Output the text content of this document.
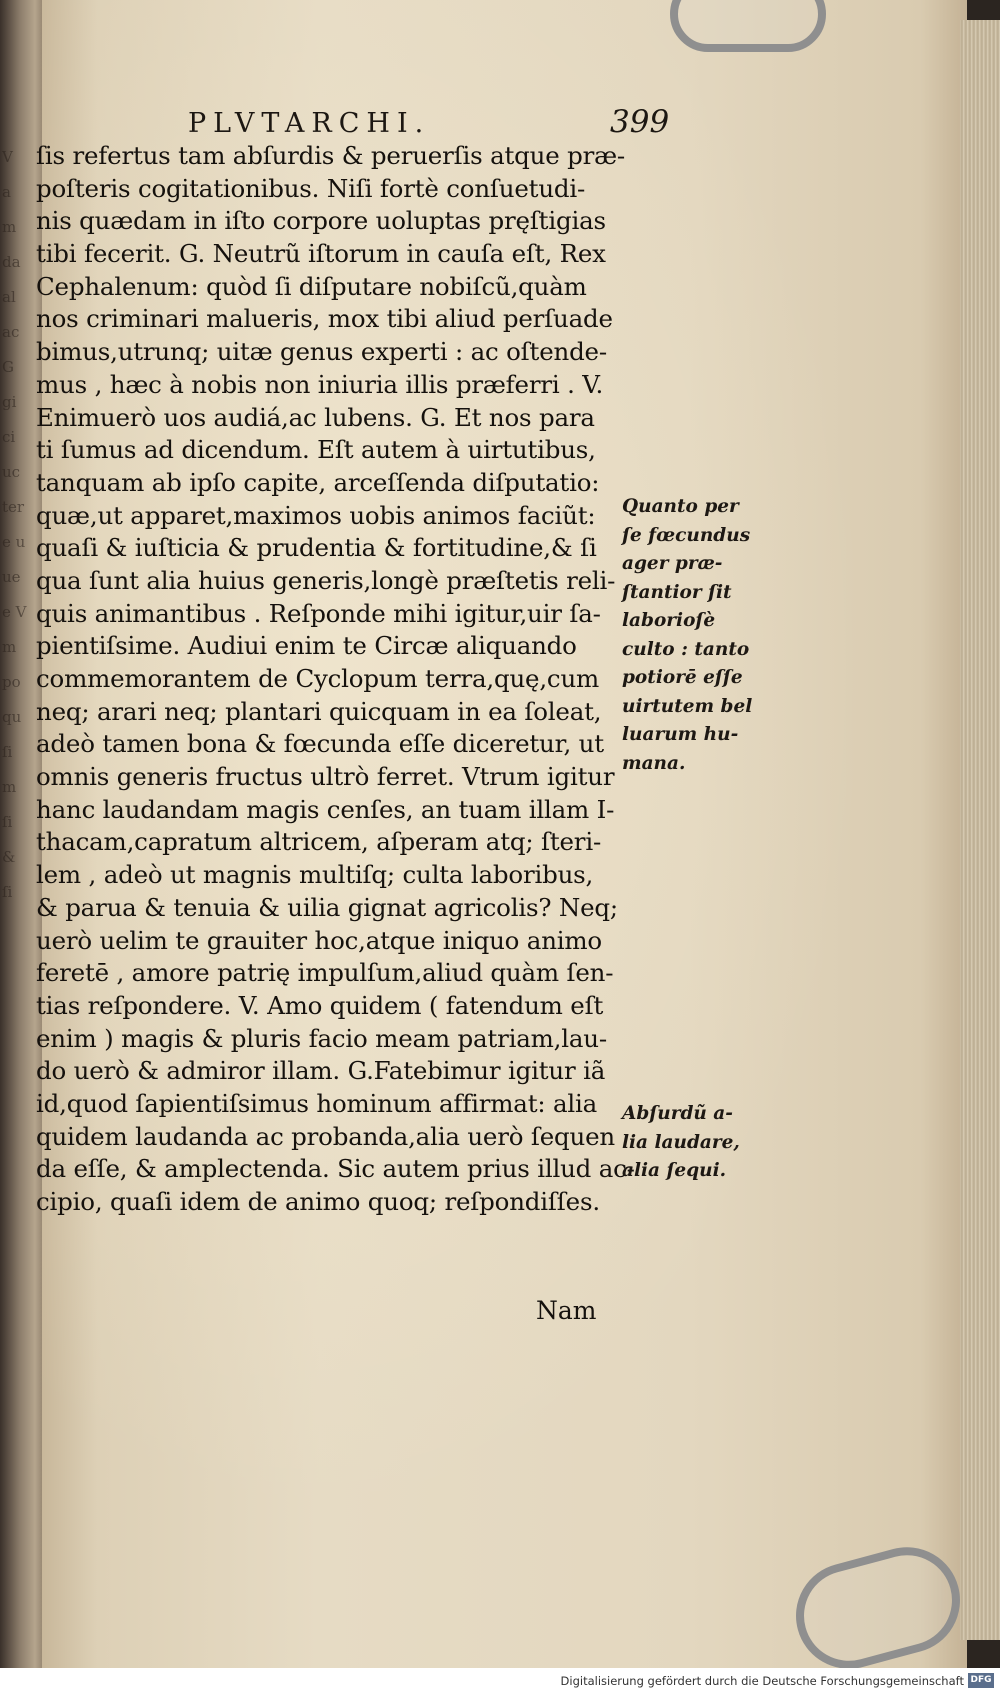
V
a
m
da
al
ac
G
gi
ci
uc
ter
e u
ue
e V
m
po
qu
ſi
m
ſi
&
ſi
PLVTARCHI.	399
ſis refertus tam abſurdis & peruerſis atque præ-
poſteris cogitationibus. Niſi fortè conſuetudi-
nis quædam in iſto corpore uoluptas pręſtigias
tibi fecerit. G. Neutrũ iſtorum in cauſa eſt, Rex
Cephalenum: quòd ſi diſputare nobiſcũ,quàm
nos criminari malueris, mox tibi aliud perſuade
bimus,utrunq; uitæ genus experti : ac oſtende-
mus , hæc à nobis non iniuria illis præferri . V.
Enimuerò uos audiá,ac lubens. G. Et nos para
ti ſumus ad dicendum. Eſt autem à uirtutibus,
tanquam ab ipſo capite, arceſſenda diſputatio:
quæ,ut apparet,maximos uobis animos faciũt:
quaſi & iuſticia & prudentia & fortitudine,& ſi
qua ſunt alia huius generis,longè præſtetis reli-
quis animantibus . Reſponde mihi igitur,uir ſa-
pientiſsime. Audiui enim te Circæ aliquando
commemorantem de Cyclopum terra,quę,cum
neq; arari neq; plantari quicquam in ea ſoleat,
adeò tamen bona & fœcunda eſſe diceretur, ut
omnis generis fructus ultrò ferret. Vtrum igitur
hanc laudandam magis cenſes, an tuam illam I-
thacam,capratum altricem, aſperam atq; ſteri-
lem , adeò ut magnis multiſq; culta laboribus,
& parua & tenuia & uilia gignat agricolis? Neq;
uerò uelim te grauiter hoc,atque iniquo animo
feretē , amore patrię impulſum,aliud quàm ſen-
tias reſpondere. V. Amo quidem ( fatendum eſt
enim ) magis & pluris facio meam patriam,lau-
do uerò & admiror illam. G.Fatebimur igitur iã
id,quod ſapientiſsimus hominum affirmat: alia
quidem laudanda ac probanda,alia uerò ſequen
da eſſe, & amplectenda. Sic autem prius illud ac-
cipio, quaſi idem de animo quoq; reſpondiſſes.
Quanto per
ſe fœcundus
ager præ-
ſtantior ſit
laborioſè
culto : tanto
potiorē eſſe
uirtutem bel
luarum hu-
mana.
Abſurdũ a-
lia laudare,
alia ſequi.
Nam
Digitalisierung gefördert durch die Deutsche Forschungsgemeinschaft DFG
